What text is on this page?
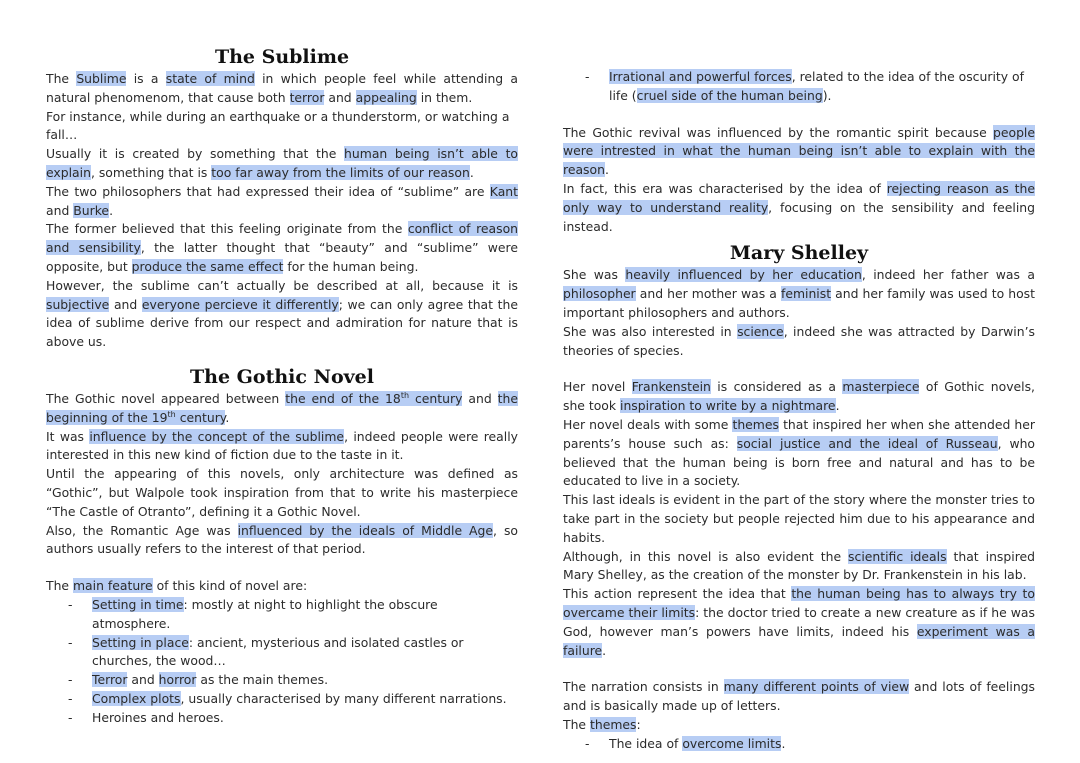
The Sublime

The Sublime is a state of mind in which people feel while attending a natural phenomenom, that cause both terror and appealing in them.

For instance, while during an earthquake or a thunderstorm, or watching a fall…

Usually it is created by something that the human being isn’t able to explain, something that is too far away from the limits of our reason.

The two philosophers that had expressed their idea of “sublime” are Kant and Burke.

The former believed that this feeling originate from the conflict of reason and sensibility, the latter thought that “beauty” and “sublime” were opposite, but produce the same effect for the human being.

However, the sublime can’t actually be described at all, because it is subjective and everyone percieve it differently; we can only agree that the idea of sublime derive from our respect and admiration for nature that is above us.

The Gothic Novel

The Gothic novel appeared between the end of the 18th century and the beginning of the 19th century.

It was influence by the concept of the sublime, indeed people were really interested in this new kind of fiction due to the taste in it.

Until the appearing of this novels, only architecture was defined as “Gothic”, but Walpole took inspiration from that to write his masterpiece “The Castle of Otranto”, defining it a Gothic Novel.

Also, the Romantic Age was influenced by the ideals of Middle Age, so authors usually refers to the interest of that period.

The main feature of this kind of novel are:

- Setting in time: mostly at night to highlight the obscure atmosphere.
- Setting in place: ancient, mysterious and isolated castles or churches, the wood…
- Terror and horror as the main themes.
- Complex plots, usually characterised by many different narrations.
- Heroines and heroes.
- Irrational and powerful forces, related to the idea of the oscurity of life (cruel side of the human being).

The Gothic revival was influenced by the romantic spirit because people were intrested in what the human being isn’t able to explain with the reason.

In fact, this era was characterised by the idea of rejecting reason as the only way to understand reality, focusing on the sensibility and feeling instead.

Mary Shelley

She was heavily influenced by her education, indeed her father was a philosopher and her mother was a feminist and her family was used to host important philosophers and authors.

She was also interested in science, indeed she was attracted by Darwin’s theories of species.

Her novel Frankenstein is considered as a masterpiece of Gothic novels, she took inspiration to write by a nightmare.

Her novel deals with some themes that inspired her when she attended her parents’s house such as: social justice and the ideal of Russeau, who believed that the human being is born free and natural and has to be educated to live in a society.

This last ideals is evident in the part of the story where the monster tries to take part in the society but people rejected him due to his appearance and habits.

Although, in this novel is also evident the scientific ideals that inspired Mary Shelley, as the creation of the monster by Dr. Frankenstein in his lab.

This action represent the idea that the human being has to always try to overcame their limits: the doctor tried to create a new creature as if he was God, however man’s powers have limits, indeed his experiment was a failure.

The narration consists in many different points of view and lots of feelings and is basically made up of letters.

The themes:

- The idea of overcome limits.
